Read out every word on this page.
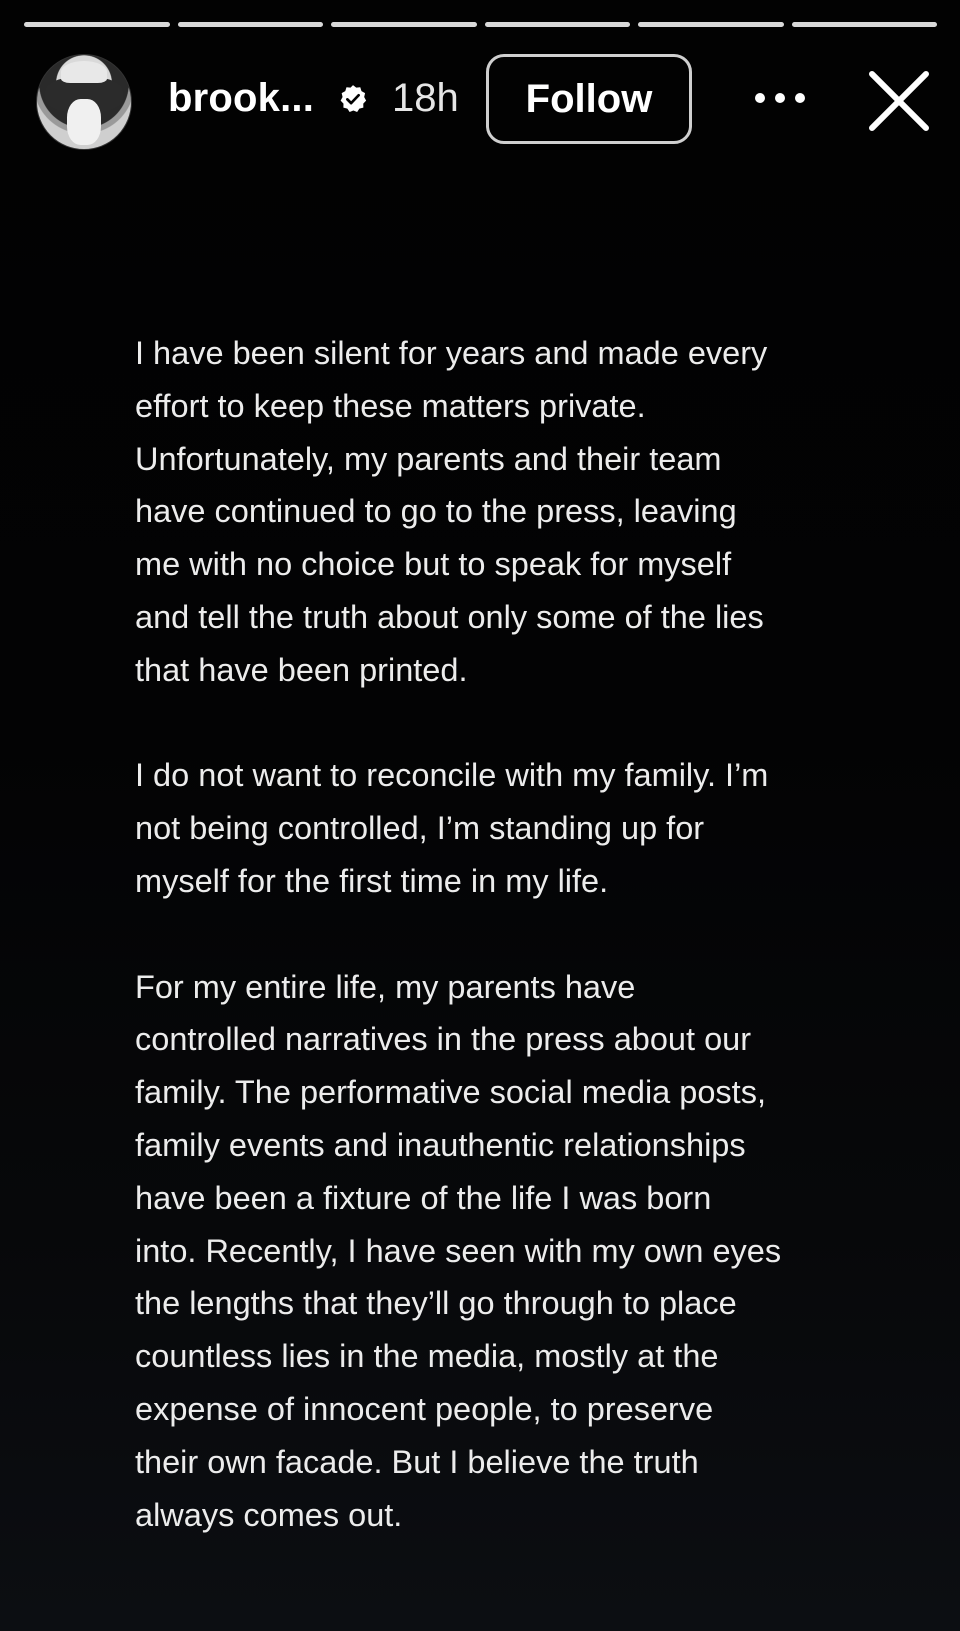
brook... 18h	Follow

I have been silent for years and made every
effort to keep these matters private.
Unfortunately, my parents and their team
have continued to go to the press, leaving
me with no choice but to speak for myself
and tell the truth about only some of the lies
that have been printed.

I do not want to reconcile with my family. I’m
not being controlled, I’m standing up for
myself for the first time in my life.

For my entire life, my parents have
controlled narratives in the press about our
family. The performative social media posts,
family events and inauthentic relationships
have been a fixture of the life I was born
into. Recently, I have seen with my own eyes
the lengths that they’ll go through to place
countless lies in the media, mostly at the
expense of innocent people, to preserve
their own facade. But I believe the truth
always comes out.
